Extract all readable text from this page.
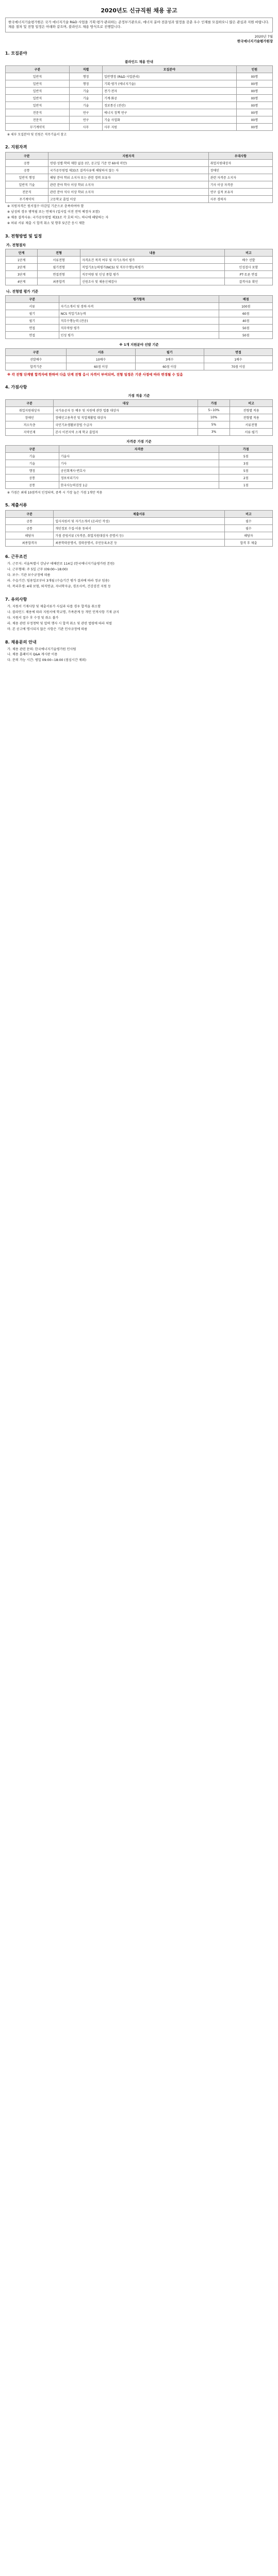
2020년도 신규직원 채용 공고
한국에너지기술평가원은 국가 에너지기술 R&D 사업을 기획·평가·관리하는 준정부기관으로, 에너지 분야 전문성과 열정을 갖춘 우수 인재를 모집하오니 많은 관심과 지원 바랍니다. 채용 절차 및 전형 일정은 아래와 같으며, 블라인드 채용 방식으로 진행합니다.
2020년 7월
한국에너지기술평가원장
1. 모집분야
블라인드 채용 안내
구분	직렬	모집분야	인원
일반직	행정	일반행정 (R&D 사업관리)	00명
일반직	행정	기획·평가 (에너지기술)	00명
일반직	기술	전기·전자	00명
일반직	기술	기계·화공	00명
일반직	기술	정보통신 (전산)	00명
전문직	연구	에너지 정책 연구	00명
전문직	연구	기술 사업화	00명
무기계약직	사무	사무 지원	00명
※ 세부 모집분야 및 인원은 직무기술서 참고
2. 지원자격
구분	지원자격	우대사항
공통	연령·성별·학력 제한 없음 (단, 공고일 기준 만 60세 미만)	취업지원대상자
공통	국가공무원법 제33조 결격사유에 해당하지 않는 자	장애인
일반직 행정	해당 분야 학위 소지자 또는 관련 경력 보유자	관련 자격증 소지자
일반직 기술	관련 분야 학사 이상 학위 소지자	기사 이상 자격증
전문직	관련 분야 석사 이상 학위 소지자	연구 실적 보유자
무기계약직	고등학교 졸업 이상	사무 경력자
※ 지원자격은 원서접수 마감일 기준으로 충족하여야 함
※ 남성의 경우 병역필 또는 면제자 (입사일 이전 전역 예정자 포함)
※ 채용 결격사유: 국가공무원법 제33조 각 호의 어느 하나에 해당하는 자
※ 허위 서류 제출 시 합격 취소 및 향후 5년간 응시 제한
3. 전형방법 및 일정
가. 전형절차
단계	전형	내용	비고
1단계	서류전형	자격요건 적격 여부 및 자기소개서 평가	배수 선발
2단계	필기전형	직업기초능력평가(NCS) 및 직무수행능력평가	인성검사 포함
3단계	면접전형	직무역량 및 인성 종합 평가	PT·토론 면접
4단계	최종합격	신원조사 및 채용신체검사	결격사유 확인
나. 전형별 평가 기준
구분	평가항목	배점
서류	자기소개서 및 경력·자격	100점
필기	NCS 직업기초능력	60점
필기	직무수행능력 (전공)	40점
면접	직무역량 평가	50점
면접	인성 평가	50점
※ 1개 지원분야 선발 기준
구분	서류	필기	면접
선발배수	10배수	3배수	1배수
합격기준	60점 이상	60점 이상	70점 이상
※ 각 전형 단계별 합격자에 한하여 다음 단계 전형 응시 자격이 부여되며, 전형 일정은 기관 사정에 따라 변경될 수 있음
4. 가점사항
가점 적용 기준
구분	대상	가점	비고
취업지원대상자	국가유공자 등 예우 및 지원에 관한 법률 대상자	5~10%	전형별 적용
장애인	장애인고용촉진 및 직업재활법 대상자	10%	전형별 적용
저소득층	국민기초생활보장법 수급자	5%	서류전형
지역인재	본사 이전지역 소재 학교 졸업자	3%	서류·필기
자격증 가점 기준
구분	자격증	가점
기술	기술사	5점
기술	기사	3점
행정	공인회계사·변호사	5점
공통	정보처리기사	2점
공통	한국사능력검정 1급	1점
※ 가점은 최대 10점까지 인정되며, 중복 시 가장 높은 가점 1개만 적용
5. 제출서류
구분	제출서류	비고
공통	입사지원서 및 자기소개서 (온라인 작성)	필수
공통	개인정보 수집·이용 동의서	필수
해당자	가점 증빙서류 (자격증, 취업지원대상자 증명서 등)	해당자
최종합격자	최종학력증명서, 경력증명서, 주민등록초본 등	합격 후 제출
6. 근무조건
가. 근무지: 서울특별시 강남구 테헤란로 114길 (한국에너지기술평가원 본원)
나. 근무형태: 주 5일 근무 (09:00~18:00)
다. 보수: 기관 보수규정에 따름
라. 수습기간: 임용일로부터 3개월 (수습기간 평가 결과에 따라 정규 임용)
마. 복리후생: 4대 보험, 퇴직연금, 자녀학자금, 경조사비, 건강검진 지원 등
7. 유의사항
가. 지원서 기재사항 및 제출서류가 사실과 다를 경우 합격을 취소함
나. 블라인드 채용에 따라 지원서에 학교명, 가족관계 등 개인 인적사항 기재 금지
다. 지원서 접수 후 수정 및 취소 불가
라. 채용 관련 부정청탁 및 압력 행사 시 합격 취소 및 관련 법령에 따라 처벌
마. 본 공고에 명시되지 않은 사항은 기관 인사규정에 따름
8. 채용문의 안내
가. 채용 관련 문의: 한국에너지기술평가원 인사팀
나. 채용 홈페이지 Q&A 게시판 이용
다. 문의 가능 시간: 평일 09:00~18:00 (점심시간 제외)
